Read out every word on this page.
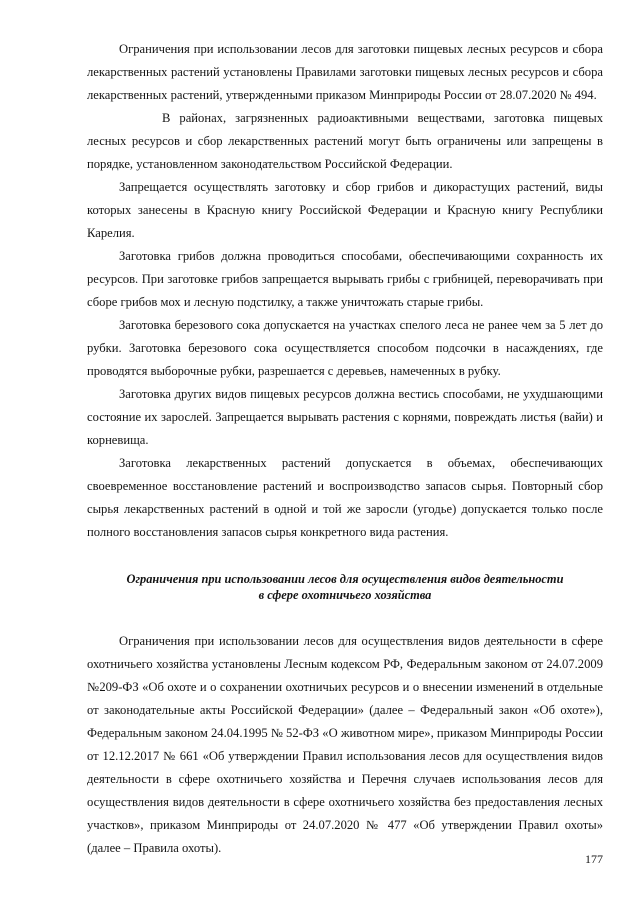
Ограничения при использовании лесов для заготовки пищевых лесных ресурсов и сбора лекарственных растений установлены Правилами заготовки пищевых лесных ресурсов и сбора лекарственных растений, утвержденными приказом Минприроды России от 28.07.2020 № 494.

В районах, загрязненных радиоактивными веществами, заготовка пищевых лесных ресурсов и сбор лекарственных растений могут быть ограничены или запрещены в порядке, установленном законодательством Российской Федерации.

Запрещается осуществлять заготовку и сбор грибов и дикорастущих растений, виды которых занесены в Красную книгу Российской Федерации и Красную книгу Республики Карелия.

Заготовка грибов должна проводиться способами, обеспечивающими сохранность их ресурсов. При заготовке грибов запрещается вырывать грибы с грибницей, переворачивать при сборе грибов мох и лесную подстилку, а также уничтожать старые грибы.

Заготовка березового сока допускается на участках спелого леса не ранее чем за 5 лет до рубки. Заготовка березового сока осуществляется способом подсочки в насаждениях, где проводятся выборочные рубки, разрешается с деревьев, намеченных в рубку.

Заготовка других видов пищевых ресурсов должна вестись способами, не ухудшающими состояние их зарослей. Запрещается вырывать растения с корнями, повреждать листья (вайи) и корневища.

Заготовка лекарственных растений допускается в объемах, обеспечивающих своевременное восстановление растений и воспроизводство запасов сырья. Повторный сбор сырья лекарственных растений в одной и той же заросли (угодье) допускается только после полного восстановления запасов сырья конкретного вида растения.

Ограничения при использовании лесов для осуществления видов деятельности
в сфере охотничьего хозяйства

Ограничения при использовании лесов для осуществления видов деятельности в сфере охотничьего хозяйства установлены Лесным кодексом РФ, Федеральным законом от 24.07.2009 №209-ФЗ «Об охоте и о сохранении охотничьих ресурсов и о внесении изменений в отдельные от законодательные акты Российской Федерации» (далее – Федеральный закон «Об охоте»), Федеральным законом 24.04.1995 № 52-ФЗ «О животном мире», приказом Минприроды России от 12.12.2017 № 661 «Об утверждении Правил использования лесов для осуществления видов деятельности в сфере охотничьего хозяйства и Перечня случаев использования лесов для осуществления видов деятельности в сфере охотничьего хозяйства без предоставления лесных участков», приказом Минприроды от 24.07.2020 № 477 «Об утверждении Правил охоты» (далее – Правила охоты).

177
